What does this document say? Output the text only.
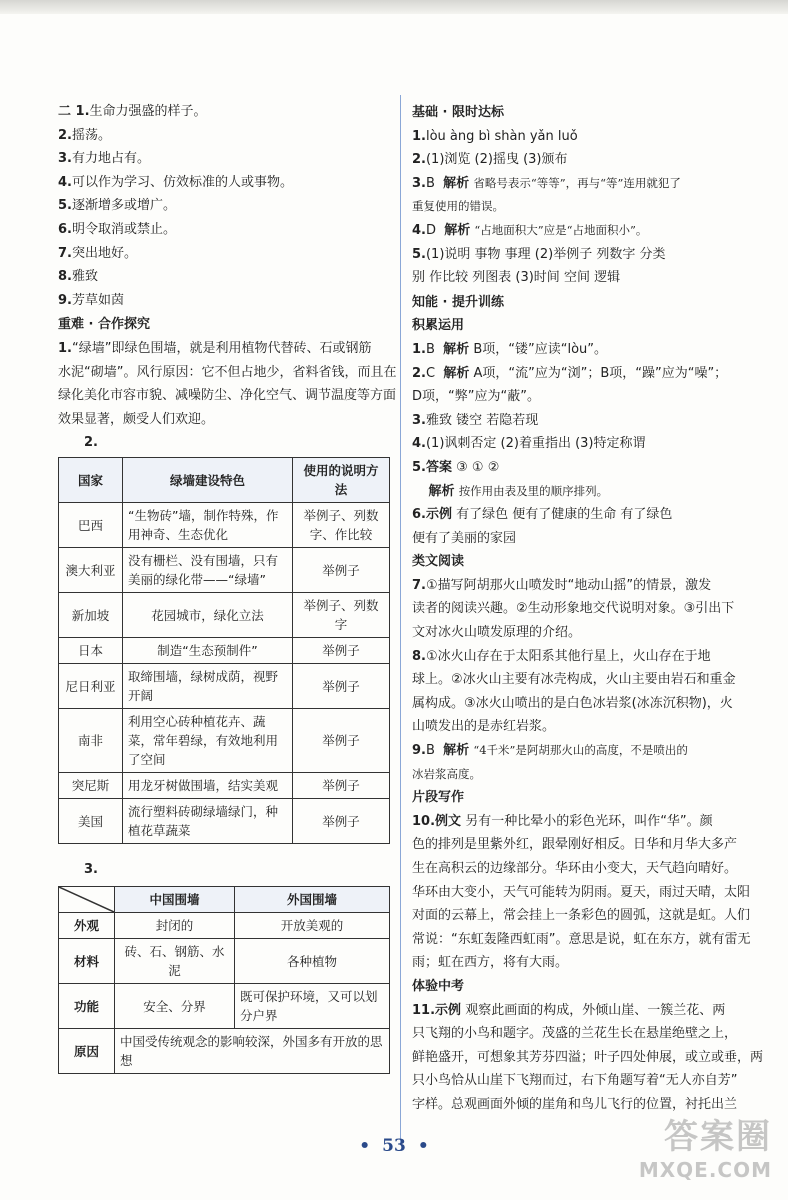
二 1.生命力强盛的样子。
2.摇荡。
3.有力地占有。
4.可以作为学习、仿效标准的人或事物。
5.逐渐增多或增广。
6.明令取消或禁止。
7.突出地好。
8.雅致
9.芳草如茵
重难 · 合作探究
1.“绿墙”即绿色围墙，就是利用植物代替砖、石或钢筋
水泥“砌墙”。风行原因：它不但占地少，省料省钱，而且在
绿化美化市容市貌、减噪防尘、净化空气、调节温度等方面
效果显著，颇受人们欢迎。
2.
国家	绿墙建设特色	使用的说明方法
巴西	“生物砖”墙，制作特殊，作用神奇、生态优化	举例子、列数字、作比较
澳大利亚	没有栅栏、没有围墙，只有美丽的绿化带——“绿墙”	举例子
新加坡	花园城市，绿化立法	举例子、列数字
日本	制造“生态预制件”	举例子
尼日利亚	取缔围墙，绿树成荫，视野开阔	举例子
南非	利用空心砖种植花卉、蔬菜，常年碧绿，有效地利用了空间	举例子
突尼斯	用龙牙树做围墙，结实美观	举例子
美国	流行塑料砖砌绿墙绿门，种植花草蔬菜	举例子
3.
	中国围墙	外国围墙
外观	封闭的	开放美观的
材料	砖、石、钢筋、水泥	各种植物
功能	安全、分界	既可保护环境，又可以划分户界
原因	中国受传统观念的影响较深，外国多有开放的思想	
基础 · 限时达标
1.lòu àng bì shàn yǎn luǒ
2.(1)浏览 (2)摇曳 (3)颁布
3.B 解析 省略号表示“等等”，再与“等”连用就犯了
重复使用的错误。
4.D 解析 “占地面积大”应是“占地面积小”。
5.(1)说明 事物 事理 (2)举例子 列数字 分类
别 作比较 列图表 (3)时间 空间 逻辑
知能 · 提升训练
积累运用
1.B 解析 B项，“镂”应读“lòu”。
2.C 解析 A项，“流”应为“浏”；B项，“躁”应为“噪”；
D项，“弊”应为“蔽”。
3.雅致 镂空 若隐若现
4.(1)讽刺否定 (2)着重指出 (3)特定称谓
5.答案 ③ ① ②
解析 按作用由表及里的顺序排列。
6.示例 有了绿色 便有了健康的生命 有了绿色
便有了美丽的家园
类文阅读
7.①描写阿胡那火山喷发时“地动山摇”的情景，激发
读者的阅读兴趣。②生动形象地交代说明对象。③引出下
文对冰火山喷发原理的介绍。
8.①冰火山存在于太阳系其他行星上，火山存在于地
球上。②冰火山主要有冰壳构成，火山主要由岩石和重金
属构成。③冰火山喷出的是白色冰岩浆(冰冻沉积物)，火
山喷发出的是赤红岩浆。
9.B 解析 “4千米”是阿胡那火山的高度，不是喷出的
冰岩浆高度。
片段写作
10.例文 另有一种比晕小的彩色光环，叫作“华”。颜
色的排列是里紫外红，跟晕刚好相反。日华和月华大多产
生在高积云的边缘部分。华环由小变大，天气趋向晴好。
华环由大变小，天气可能转为阴雨。夏天，雨过天晴，太阳
对面的云幕上，常会挂上一条彩色的圆弧，这就是虹。人们
常说：“东虹轰隆西虹雨”。意思是说，虹在东方，就有雷无
雨；虹在西方，将有大雨。
体验中考
11.示例 观察此画面的构成，外倾山崖、一簇兰花、两
只飞翔的小鸟和题字。茂盛的兰花生长在悬崖绝壁之上，
鲜艳盛开，可想象其芳芬四溢；叶子四处伸展，或立或垂，两
只小鸟恰从山崖下飞翔而过，右下角题写着“无人亦自芳”
字样。总观画面外倾的崖角和鸟儿飞行的位置，衬托出兰
• 53 •	答案圈
MXQE.COM
